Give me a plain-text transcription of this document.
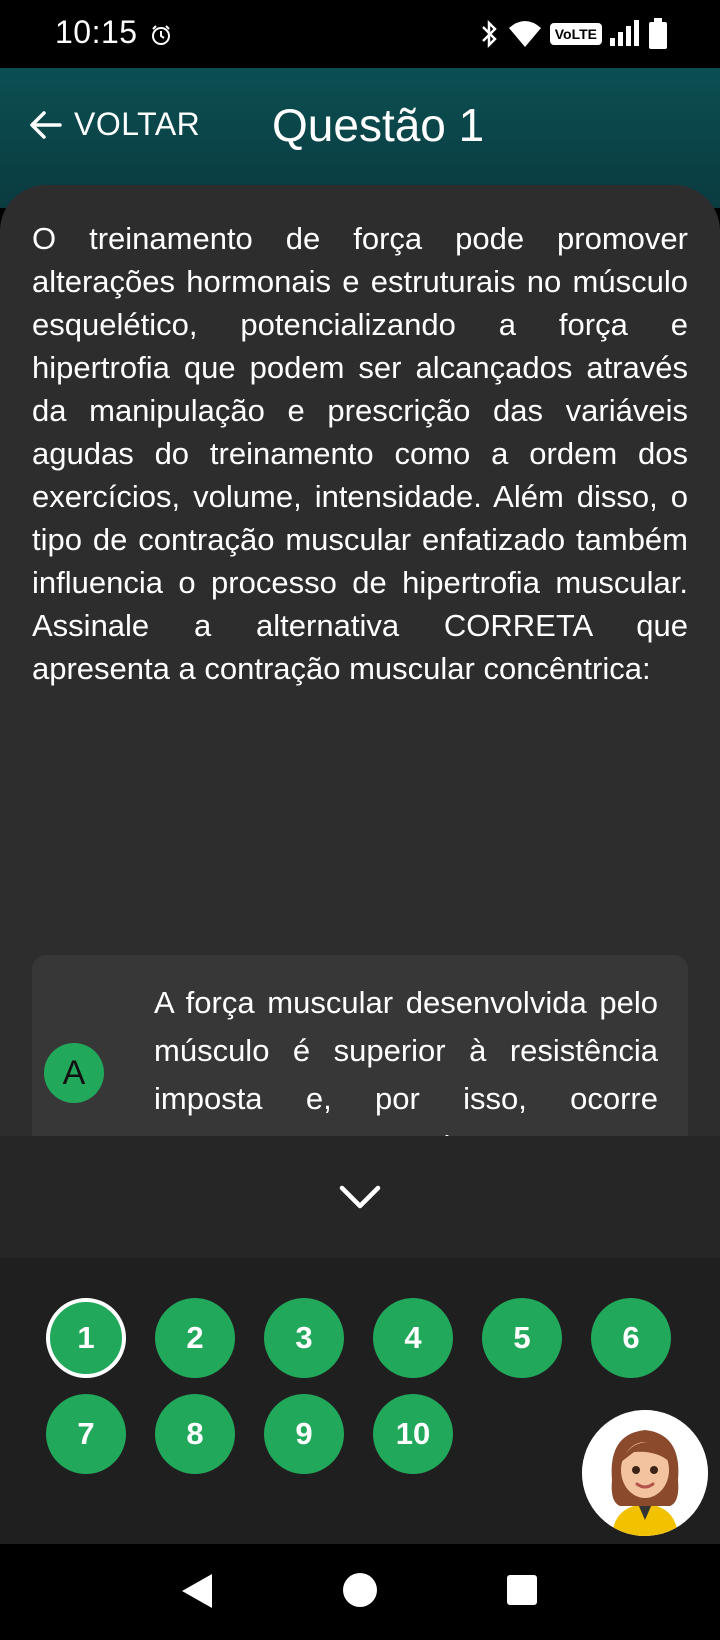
10:15	VoLTE
VOLTAR Questão 1

O treinamento de força pode promover alterações hormonais e estruturais no músculo esquelético, potencializando a força e hipertrofia que podem ser alcançados através da manipulação e prescrição das variáveis agudas do treinamento como a ordem dos exercícios, volume, intensidade. Além disso, o tipo de contração muscular enfatizado também influencia o processo de hipertrofia muscular. Assinale a alternativa CORRETA que apresenta a contração muscular concêntrica:

A

A força muscular desenvolvida pelo músculo é superior à resistência imposta e, por isso, ocorre

1	2	3	4	5	6
7	8	9	10
